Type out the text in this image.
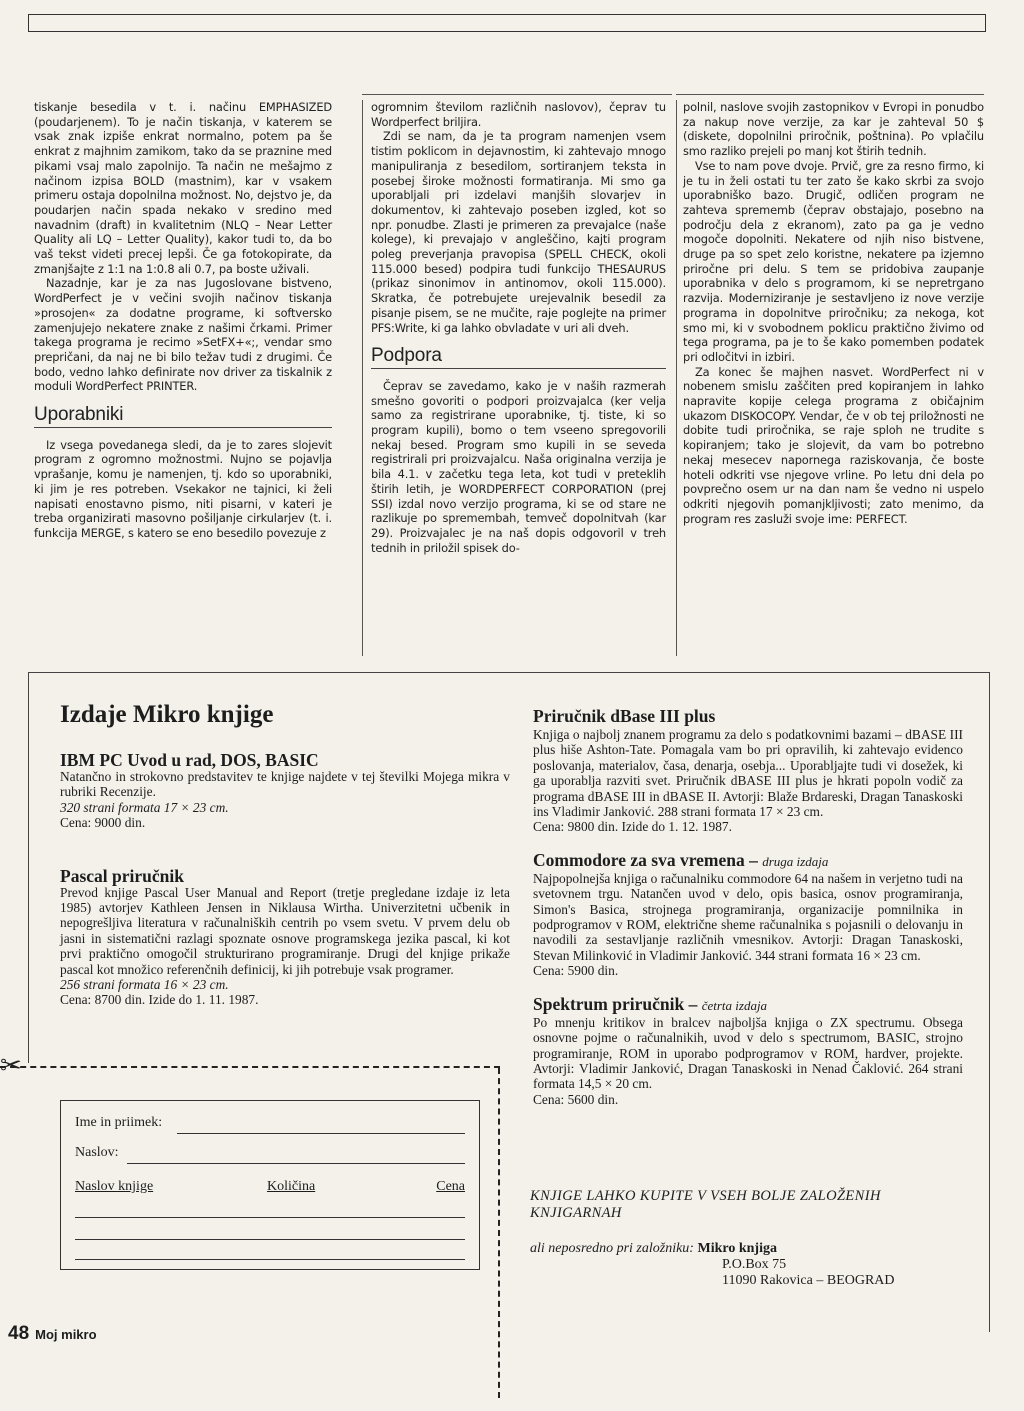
tiskanje besedila v t. i. načinu EMPHASIZED (poudarjenem). To je način tiskanja, v katerem se vsak znak izpiše enkrat normalno, potem pa še enkrat z majhnim zamikom, tako da se praznine med pikami vsaj malo zapolnijo. Ta način ne mešajmo z načinom izpisa BOLD (mastnim), kar v vsakem primeru ostaja dopolnilna možnost. No, dejstvo je, da poudarjen način spada nekako v sredino med navadnim (draft) in kvalitetnim (NLQ – Near Letter Quality ali LQ – Letter Quality), kakor tudi to, da bo vaš tekst videti precej lepši. Če ga fotokopirate, da zmanjšajte z 1:1 na 1:0.8 ali 0.7, pa boste uživali.

Nazadnje, kar je za nas Jugoslovane bistveno, WordPerfect je v večini svojih načinov tiskanja »prosojen« za dodatne programe, ki softversko zamenjujejo nekatere znake z našimi črkami. Primer takega programa je recimo »SetFX+«;, vendar smo prepričani, da naj ne bi bilo težav tudi z drugimi. Če bodo, vedno lahko definirate nov driver za tiskalnik z moduli WordPerfect PRINTER.

Uporabniki

Iz vsega povedanega sledi, da je to zares slojevit program z ogromno možnostmi. Nujno se pojavlja vprašanje, komu je namenjen, tj. kdo so uporabniki, ki jim je res potreben. Vsekakor ne tajnici, ki želi napisati enostavno pismo, niti pisarni, v kateri je treba organizirati masovno pošiljanje cirkularjev (t. i. funkcija MERGE, s katero se eno besedilo povezuje z

ogromnim številom različnih naslovov), čeprav tu Wordperfect briljira.

Zdi se nam, da je ta program namenjen vsem tistim poklicom in dejavnostim, ki zahtevajo mnogo manipuliranja z besedilom, sortiranjem teksta in posebej široke možnosti formatiranja. Mi smo ga uporabljali pri izdelavi manjših slovarjev in dokumentov, ki zahtevajo poseben izgled, kot so npr. ponudbe. Zlasti je primeren za prevajalce (naše kolege), ki prevajajo v angleščino, kajti program poleg preverjanja pravopisa (SPELL CHECK, okoli 115.000 besed) podpira tudi funkcijo THESAURUS (prikaz sinonimov in antinomov, okoli 115.000). Skratka, če potrebujete urejevalnik besedil za pisanje pisem, se ne mučite, raje poglejte na primer PFS:Write, ki ga lahko obvladate v uri ali dveh.

Podpora

Čeprav se zavedamo, kako je v naših razmerah smešno govoriti o podpori proizvajalca (ker velja samo za registrirane uporabnike, tj. tiste, ki so program kupili), bomo o tem vseeno spregovorili nekaj besed. Program smo kupili in se seveda registrirali pri proizvajalcu. Naša originalna verzija je bila 4.1. v začetku tega leta, kot tudi v preteklih štirih letih, je WORDPERFECT CORPORATION (prej SSI) izdal novo verzijo programa, ki se od stare ne razlikuje po spremembah, temveč dopolnitvah (kar 29). Proizvajalec je na naš dopis odgovoril v treh tednih in priložil spisek do-

polnil, naslove svojih zastopnikov v Evropi in ponudbo za nakup nove verzije, za kar je zahteval 50 $ (diskete, dopolnilni priročnik, poštnina). Po vplačilu smo razliko prejeli po manj kot štirih tednih.

Vse to nam pove dvoje. Prvič, gre za resno firmo, ki je tu in želi ostati tu ter zato še kako skrbi za svojo uporabniško bazo. Drugič, odličen program ne zahteva sprememb (čeprav obstajajo, posebno na področju dela z ekranom), zato pa ga je vedno mogoče dopolniti. Nekatere od njih niso bistvene, druge pa so spet zelo koristne, nekatere pa izjemno priročne pri delu. S tem se pridobiva zaupanje uporabnika v delo s programom, ki se nepretrgano razvija. Moderniziranje je sestavljeno iz nove verzije programa in dopolnitve priročniku; za nekoga, kot smo mi, ki v svobodnem poklicu praktično živimo od tega programa, pa je to še kako pomemben podatek pri odločitvi in izbiri.

Za konec še majhen nasvet. WordPerfect ni v nobenem smislu zaščiten pred kopiranjem in lahko napravite kopije celega programa z običajnim ukazom DISKOCOPY. Vendar, če v ob tej priložnosti ne dobite tudi priročnika, se raje sploh ne trudite s kopiranjem; tako je slojevit, da vam bo potrebno nekaj mesecev napornega raziskovanja, če boste hoteli odkriti vse njegove vrline. Po letu dni dela po povprečno osem ur na dan nam še vedno ni uspelo odkriti njegovih pomanjkljivosti; zato menimo, da program res zasluži svoje ime: PERFECT.

Izdaje Mikro knjige
IBM PC Uvod u rad, DOS, BASIC

Natančno in strokovno predstavitev te knjige najdete v tej številki Mojega mikra v rubriki Recenzije.

320 strani formata 17 × 23 cm.

Cena: 9000 din.

Pascal priručnik

Prevod knjige Pascal User Manual and Report (tretje pregledane izdaje iz leta 1985) avtorjev Kathleen Jensen in Niklausa Wirtha. Univerzitetni učbenik in nepogrešljiva literatura v računalniških centrih po vsem svetu. V prvem delu ob jasni in sistematični razlagi spoznate osnove programskega jezika pascal, ki kot prvi praktično omogočil strukturirano programiranje. Drugi del knjige prikaže pascal kot množico referenčnih definicij, ki jih potrebuje vsak programer.

256 strani formata 16 × 23 cm.

Cena: 8700 din. Izide do 1. 11. 1987.

Priručnik dBase III plus

Knjiga o najbolj znanem programu za delo s podatkovnimi bazami – dBASE III plus hiše Ashton-Tate. Pomagala vam bo pri opravilih, ki zahtevajo evidenco poslovanja, materialov, časa, denarja, osebja... Uporabljajte tudi vi dosežek, ki ga uporablja razviti svet. Priručnik dBASE III plus je hkrati popoln vodič za programa dBASE III in dBASE II. Avtorji: Blaže Brdareski, Dragan Tanaskoski ins Vladimir Janković. 288 strani formata 17 × 23 cm.

Cena: 9800 din. Izide do 1. 12. 1987.

Commodore za sva vremena – druga izdaja

Najpopolnejša knjiga o računalniku commodore 64 na našem in verjetno tudi na svetovnem trgu. Natančen uvod v delo, opis basica, osnov programiranja, Simon's Basica, strojnega programiranja, organizacije pomnilnika in podprogramov v ROM, električne sheme računalnika s pojasnili o delovanju in navodili za sestavljanje različnih vmesnikov. Avtorji: Dragan Tanaskoski, Stevan Milinković in Vladimir Janković. 344 strani formata 16 × 23 cm.

Cena: 5900 din.

Spektrum priručnik – četrta izdaja

Po mnenju kritikov in bralcev najboljša knjiga o ZX spectrumu. Obsega osnovne pojme o računalnikih, uvod v delo s spectrumom, BASIC, strojno programiranje, ROM in uporabo podprogramov v ROM, hardver, projekte. Avtorji: Vladimir Janković, Dragan Tanaskoski in Nenad Čaklović. 264 strani formata 14,5 × 20 cm.

Cena: 5600 din.

✂
Ime in priimek:
Naslov:
Naslov knjige	Količina	Cena
KNJIGE LAHKO KUPITE V VSEH BOLJE ZALOŽENIH KNJIGARNAH
ali neposredno pri založniku: Mikro knjiga
P.O.Box 75
11090 Rakovica – BEOGRAD
48 Moj mikro
